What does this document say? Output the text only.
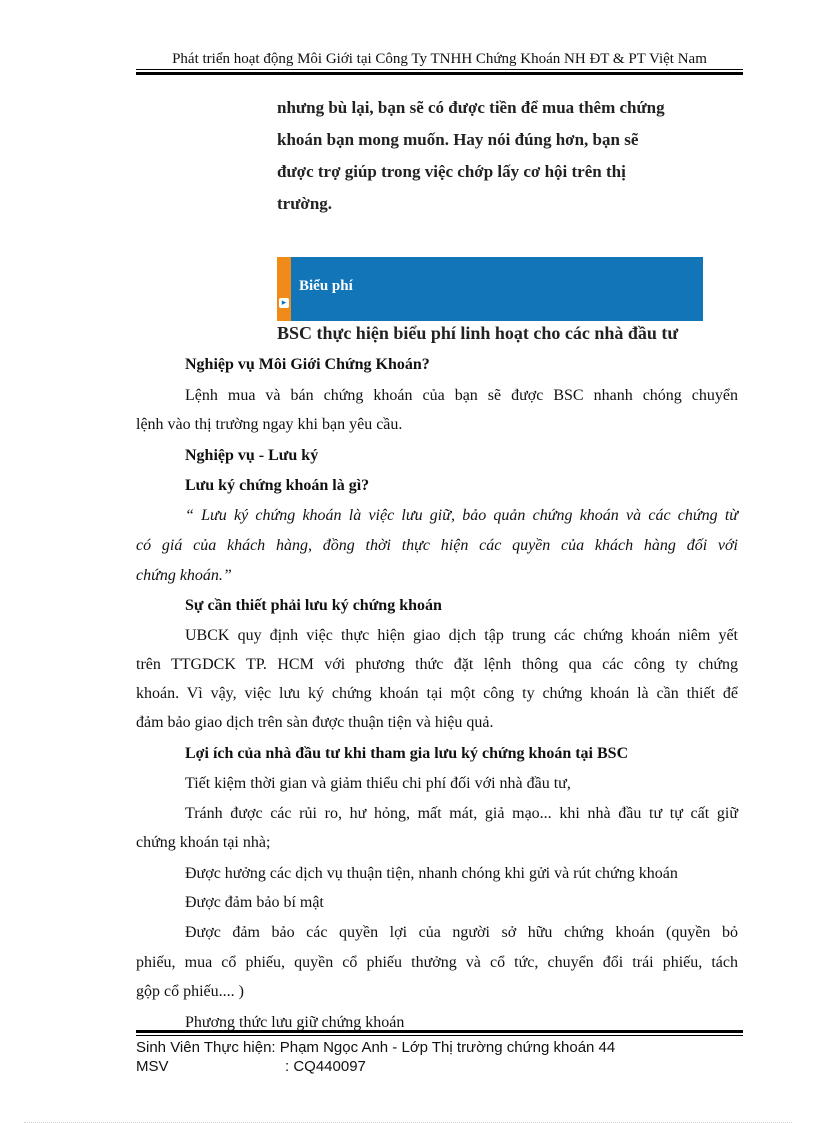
Phát triển hoạt động Môi Giới tại Công Ty TNHH Chứng Khoán NH ĐT & PT Việt Nam
nhưng bù lại, bạn sẽ có được tiền để mua thêm chứng
khoán bạn mong muốn. Hay nói đúng hơn, bạn sẽ
được trợ giúp trong việc chớp lấy cơ hội trên thị
trường.
▸
Biểu phí
BSC thực hiện biểu phí linh hoạt cho các nhà đầu tư
Nghiệp vụ Môi Giới Chứng Khoán?
Lệnh mua và bán chứng khoán của bạn sẽ được BSC nhanh chóng chuyển
lệnh vào thị trường ngay khi bạn yêu cầu.
Nghiệp vụ - Lưu ký
Lưu ký chứng khoán là gì?
“ Lưu ký chứng khoán là việc lưu giữ, bảo quản chứng khoán và các chứng từ
có giá của khách hàng, đồng thời thực hiện các quyền của khách hàng đối với
chứng khoán.”
Sự cần thiết phải lưu ký chứng khoán
UBCK quy định việc thực hiện giao dịch tập trung các chứng khoán niêm yết
trên TTGDCK TP. HCM với phương thức đặt lệnh thông qua các công ty chứng
khoán. Vì vậy, việc lưu ký chứng khoán tại một công ty chứng khoán là cần thiết để
đảm bảo giao dịch trên sàn được thuận tiện và hiệu quả.
Lợi ích của nhà đầu tư khi tham gia lưu ký chứng khoán tại BSC
Tiết kiệm thời gian và giảm thiểu chi phí đối với nhà đầu tư,
Tránh được các rủi ro, hư hỏng, mất mát, giả mạo... khi nhà đầu tư tự cất giữ
chứng khoán tại nhà;
Được hưởng các dịch vụ thuận tiện, nhanh chóng khi gửi và rút chứng khoán
Được đảm bảo bí mật
Được đảm bảo các quyền lợi của người sở hữu chứng khoán (quyền bỏ
phiếu, mua cổ phiếu, quyền cổ phiếu thưởng và cổ tức, chuyển đổi trái phiếu, tách
gộp cổ phiếu.... )
Phương thức lưu giữ chứng khoán
Sinh Viên Thực hiện: Phạm Ngọc Anh - Lớp Thị trường chứng khoán 44
MSV	: CQ440097
